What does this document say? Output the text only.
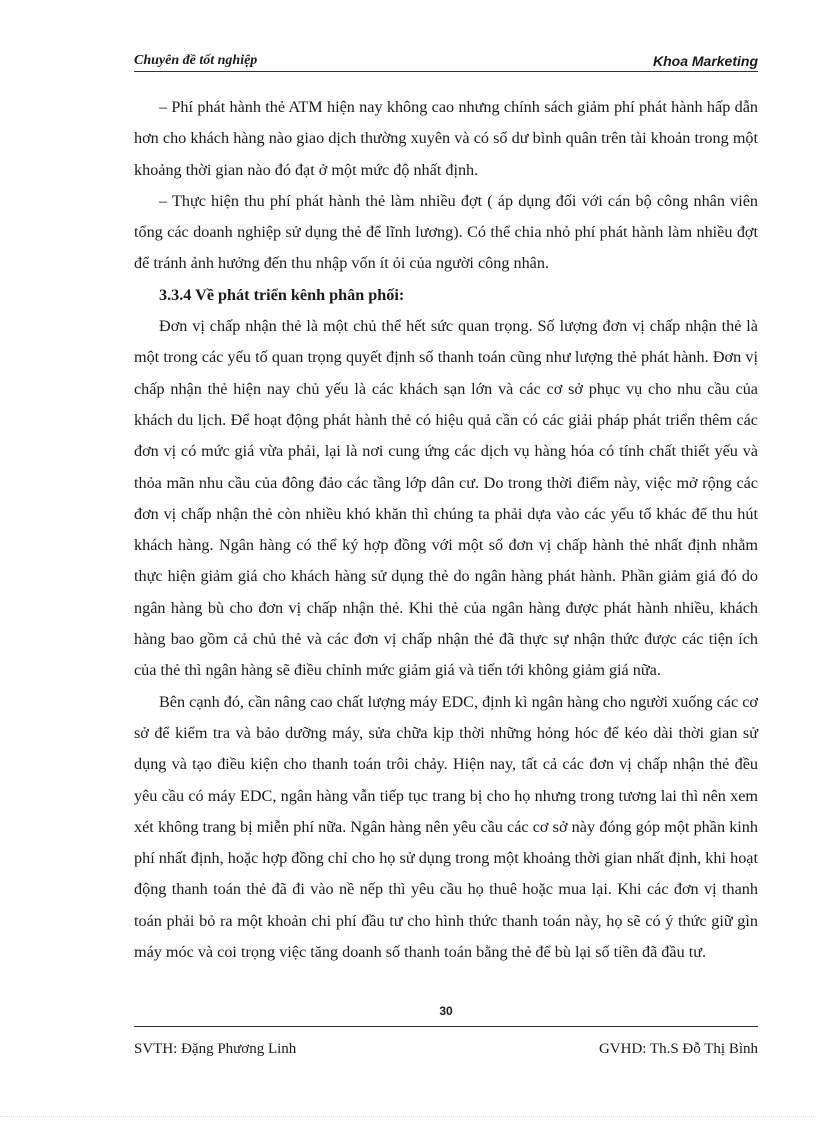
Chuyên đề tốt nghiệp	Khoa Marketing

– Phí phát hành thẻ ATM hiện nay không cao nhưng chính sách giảm phí phát hành hấp dẫn hơn cho khách hàng nào giao dịch thường xuyên và có số dư bình quân trên tài khoản trong một khoảng thời gian nào đó đạt ở một mức độ nhất định.

– Thực hiện thu phí phát hành thẻ làm nhiều đợt ( áp dụng đối với cán bộ công nhân viên tổng các doanh nghiệp sử dụng thẻ để lĩnh lương). Có thể chia nhỏ phí phát hành làm nhiều đợt để tránh ảnh hưởng đến thu nhập vốn ít ỏi của người công nhân.

3.3.4 Về phát triển kênh phân phối:

Đơn vị chấp nhận thẻ là một chủ thể hết sức quan trọng. Số lượng đơn vị chấp nhận thẻ là một trong các yếu tố quan trọng quyết định số thanh toán cũng như lượng thẻ phát hành. Đơn vị chấp nhận thẻ hiện nay chủ yếu là các khách sạn lớn và các cơ sở phục vụ cho nhu cầu của khách du lịch. Để hoạt động phát hành thẻ có hiệu quả cần có các giải pháp phát triển thêm các đơn vị có mức giá vừa phải, lại là nơi cung ứng các dịch vụ hàng hóa có tính chất thiết yếu và thỏa mãn nhu cầu của đông đảo các tầng lớp dân cư. Do trong thời điểm này, việc mở rộng các đơn vị chấp nhận thẻ còn nhiều khó khăn thì chúng ta phải dựa vào các yếu tố khác để thu hút khách hàng. Ngân hàng có thể ký hợp đồng với một số đơn vị chấp hành thẻ nhất định nhằm thực hiện giảm giá cho khách hàng sử dụng thẻ do ngân hàng phát hành. Phần giảm giá đó do ngân hàng bù cho đơn vị chấp nhận thẻ. Khi thẻ của ngân hàng được phát hành nhiều, khách hàng bao gồm cả chủ thẻ và các đơn vị chấp nhận thẻ đã thực sự nhận thức được các tiện ích của thẻ thì ngân hàng sẽ điều chỉnh mức giảm giá và tiến tới không giảm giá nữa.

Bên cạnh đó, cần nâng cao chất lượng máy EDC, định kì ngân hàng cho người xuống các cơ sở để kiểm tra và bảo dưỡng máy, sửa chữa kịp thời những hỏng hóc để kéo dài thời gian sử dụng và tạo điều kiện cho thanh toán trôi chảy. Hiện nay, tất cả các đơn vị chấp nhận thẻ đều yêu cầu có máy EDC, ngân hàng vẫn tiếp tục trang bị cho họ nhưng trong tương lai thì nên xem xét không trang bị miễn phí nữa. Ngân hàng nên yêu cầu các cơ sở này đóng góp một phần kinh phí nhất định, hoặc hợp đồng chỉ cho họ sử dụng trong một khoảng thời gian nhất định, khi hoạt động thanh toán thẻ đã đi vào nề nếp thì yêu cầu họ thuê hoặc mua lại. Khi các đơn vị thanh toán phải bỏ ra một khoản chi phí đầu tư cho hình thức thanh toán này, họ sẽ có ý thức giữ gìn máy móc và coi trọng việc tăng doanh số thanh toán bằng thẻ để bù lại số tiền đã đầu tư.

30
SVTH: Đặng Phương Linh	GVHD: Th.S Đỗ Thị Bình
